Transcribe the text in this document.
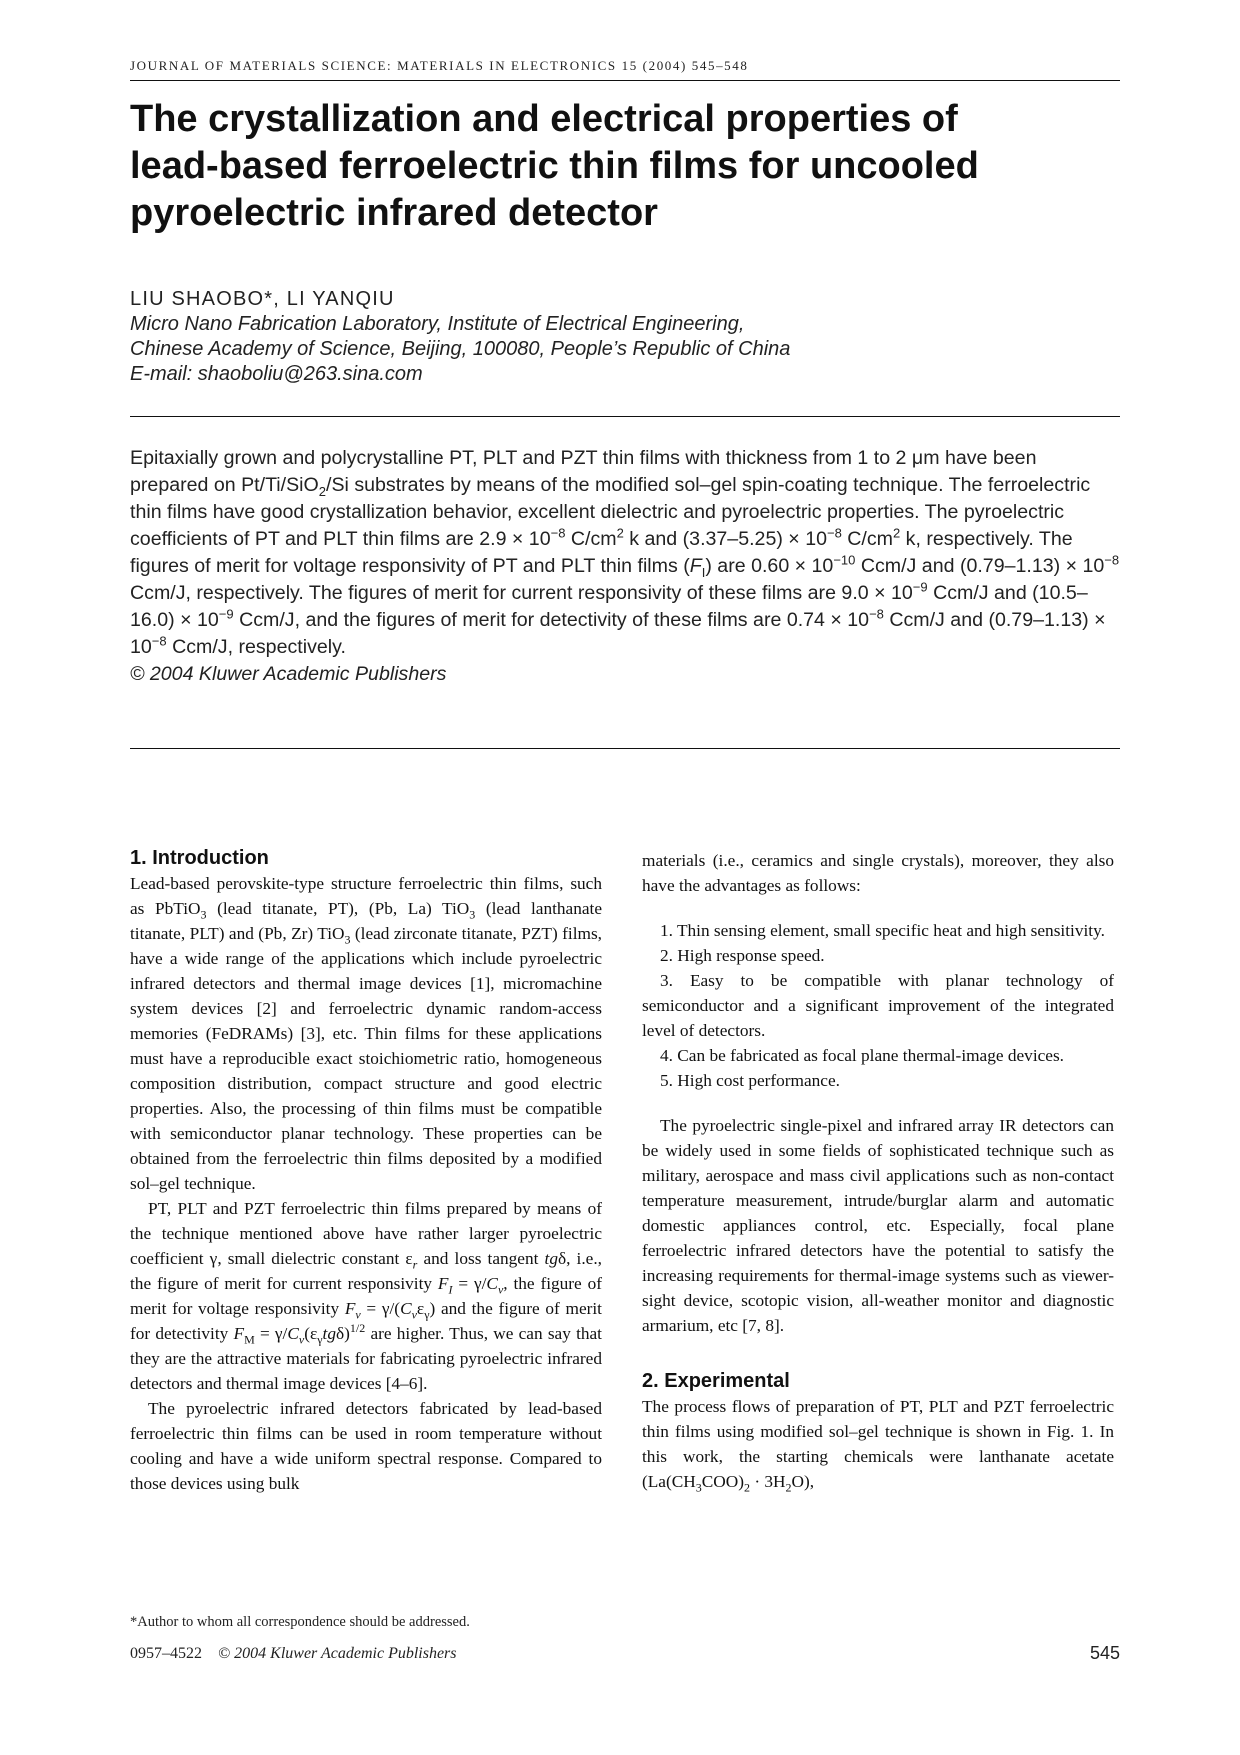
JOURNAL OF MATERIALS SCIENCE: MATERIALS IN ELECTRONICS 15 (2004) 545–548
The crystallization and electrical properties of
lead-based ferroelectric thin films for uncooled
pyroelectric infrared detector
LIU SHAOBO*, LI YANQIU
Micro Nano Fabrication Laboratory, Institute of Electrical Engineering,
Chinese Academy of Science, Beijing, 100080, People’s Republic of China
E-mail: shaoboliu@263.sina.com
Epitaxially grown and polycrystalline PT, PLT and PZT thin films with thickness from 1 to 2 μm have been prepared on Pt/Ti/SiO$_2$/Si substrates by means of the modified sol–gel spin-coating technique. The ferroelectric thin films have good crystallization behavior, excellent dielectric and pyroelectric properties. The pyroelectric coefficients of PT and PLT thin films are $2.9 \times 10^{-8}$ $C/cm^2$ k and $(3.37-5.25) \times 10^{-8}$ $C/cm^2$ k, respectively. The figures of merit for voltage responsivity of PT and PLT thin films $(F_I)$ are $0.60 \times 10^{-10}$ Ccm/J and $(0.79-1.13) \times 10^{-8}$ Ccm/J, respectively. The figures of merit for current responsivity of these films are $9.0 \times 10^{-9}$ Ccm/J and $(10.5-16.0) \times 10^{-9}$ Ccm/J, and the figures of merit for detectivity of these films are $0.74 \times 10^{-8}$ Ccm/J and $(0.79-1.13) \times 10^{-8}$ Ccm/J, respectively.
© 2004 Kluwer Academic Publishers
1. Introduction

Lead-based perovskite-type structure ferroelectric thin films, such as PbTiO$_3$ (lead titanate, PT), (Pb, La) TiO$_3$ (lead lanthanate titanate, PLT) and (Pb, Zr) TiO$_3$ (lead zirconate titanate, PZT) films, have a wide range of the applications which include pyroelectric infrared detectors and thermal image devices [1], micromachine system devices [2] and ferroelectric dynamic random-access memories (FeDRAMs) [3], etc. Thin films for these applications must have a reproducible exact stoichiometric ratio, homogeneous composition distribution, compact structure and good electric properties. Also, the processing of thin films must be compatible with semiconductor planar technology. These properties can be obtained from the ferroelectric thin films deposited by a modified sol–gel technique.

PT, PLT and PZT ferroelectric thin films prepared by means of the technique mentioned above have rather larger pyroelectric coefficient γ, small dielectric constant $\varepsilon_r$ and loss tangent tgδ, i.e., the figure of merit for current responsivity $F_I = \gamma/C_v$, the figure of merit for voltage responsivity $F_v = \gamma/(C_v\varepsilon_\gamma)$ and the figure of merit for detectivity $F_M = \gamma/C_v(\varepsilon_\gamma tg\delta)^{1/2}$ are higher. Thus, we can say that they are the attractive materials for fabricating pyroelectric infrared detectors and thermal image devices [4–6].

The pyroelectric infrared detectors fabricated by lead-based ferroelectric thin films can be used in room temperature without cooling and have a wide uniform spectral response. Compared to those devices using bulk

materials (i.e., ceramics and single crystals), moreover, they also have the advantages as follows:

1. Thin sensing element, small specific heat and high sensitivity.

2. High response speed.

3. Easy to be compatible with planar technology of semiconductor and a significant improvement of the integrated level of detectors.

4. Can be fabricated as focal plane thermal-image devices.

5. High cost performance.

The pyroelectric single-pixel and infrared array IR detectors can be widely used in some fields of sophisticated technique such as military, aerospace and mass civil applications such as non-contact temperature measurement, intrude/burglar alarm and automatic domestic appliances control, etc. Especially, focal plane ferroelectric infrared detectors have the potential to satisfy the increasing requirements for thermal-image systems such as viewer-sight device, scotopic vision, all-weather monitor and diagnostic armarium, etc [7, 8].

2. Experimental

The process flows of preparation of PT, PLT and PZT ferroelectric thin films using modified sol–gel technique is shown in Fig. 1. In this work, the starting chemicals were lanthanate acetate $(La(CH_3COO)_2 \cdot 3H_2O)$,

*Author to whom all correspondence should be addressed.
0957–4522 © 2004 Kluwer Academic Publishers	545
